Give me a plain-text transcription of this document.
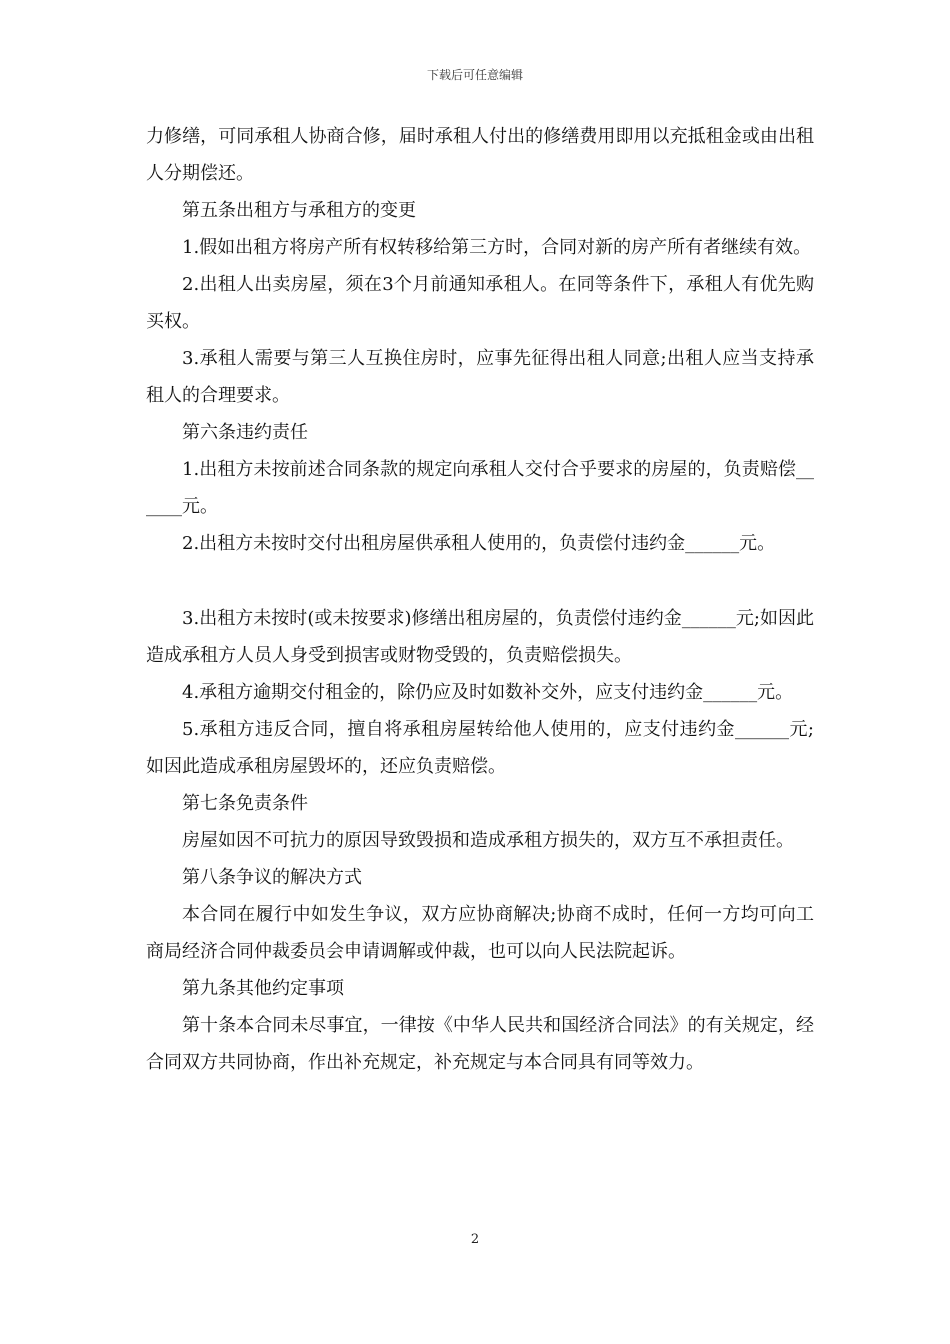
下载后可任意编辑

力修缮，可同承租人协商合修，届时承租人付出的修缮费用即用以充抵租金或由出租人分期偿还。

第五条出租方与承租方的变更

1.假如出租方将房产所有权转移给第三方时，合同对新的房产所有者继续有效。

2.出租人出卖房屋，须在3个月前通知承租人。在同等条件下，承租人有优先购买权。

3.承租人需要与第三人互换住房时，应事先征得出租人同意;出租人应当支持承租人的合理要求。

第六条违约责任

1.出租方未按前述合同条款的规定向承租人交付合乎要求的房屋的，负责赔偿______元。

2.出租方未按时交付出租房屋供承租人使用的，负责偿付违约金______元。

3.出租方未按时(或未按要求)修缮出租房屋的，负责偿付违约金______元;如因此造成承租方人员人身受到损害或财物受毁的，负责赔偿损失。

4.承租方逾期交付租金的，除仍应及时如数补交外，应支付违约金______元。

5.承租方违反合同，擅自将承租房屋转给他人使用的，应支付违约金______元;如因此造成承租房屋毁坏的，还应负责赔偿。

第七条免责条件

房屋如因不可抗力的原因导致毁损和造成承租方损失的，双方互不承担责任。

第八条争议的解决方式

本合同在履行中如发生争议，双方应协商解决;协商不成时，任何一方均可向工商局经济合同仲裁委员会申请调解或仲裁，也可以向人民法院起诉。

第九条其他约定事项

第十条本合同未尽事宜，一律按《中华人民共和国经济合同法》的有关规定，经合同双方共同协商，作出补充规定，补充规定与本合同具有同等效力。

2
